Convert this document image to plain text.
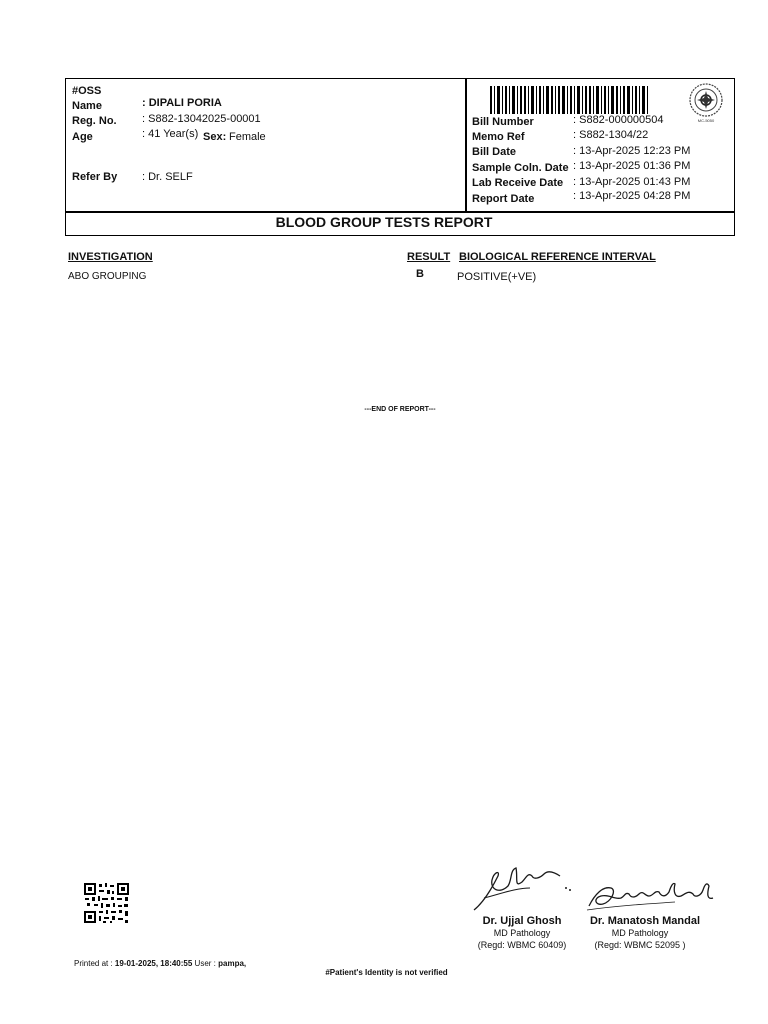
#OSS
Name	: DIPALI PORIA
Reg. No. : S882-13042025-00001
Age	: 41 Year(s) Sex: Female
Refer By : Dr. SELF
MC-5050
Bill Number	: S882-000000504
Memo Ref	: S882-1304/22
Bill Date	: 13-Apr-2025 12:23 PM
Sample Coln. Date : 13-Apr-2025 01:36 PM
Lab Receive Date : 13-Apr-2025 01:43 PM
Report Date	: 13-Apr-2025 04:28 PM
BLOOD GROUP TESTS REPORT
INVESTIGATION	RESULT BIOLOGICAL REFERENCE INTERVAL
ABO GROUPING	B	POSITIVE(+VE)
---END OF REPORT---
Dr. Ujjal Ghosh
MD Pathology
(Regd: WBMC 60409)
Dr. Manatosh Mandal
MD Pathology
(Regd: WBMC 52095 )
Printed at : 19-01-2025, 18:40:55 User : pampa,
#Patient's Identity is not verified
